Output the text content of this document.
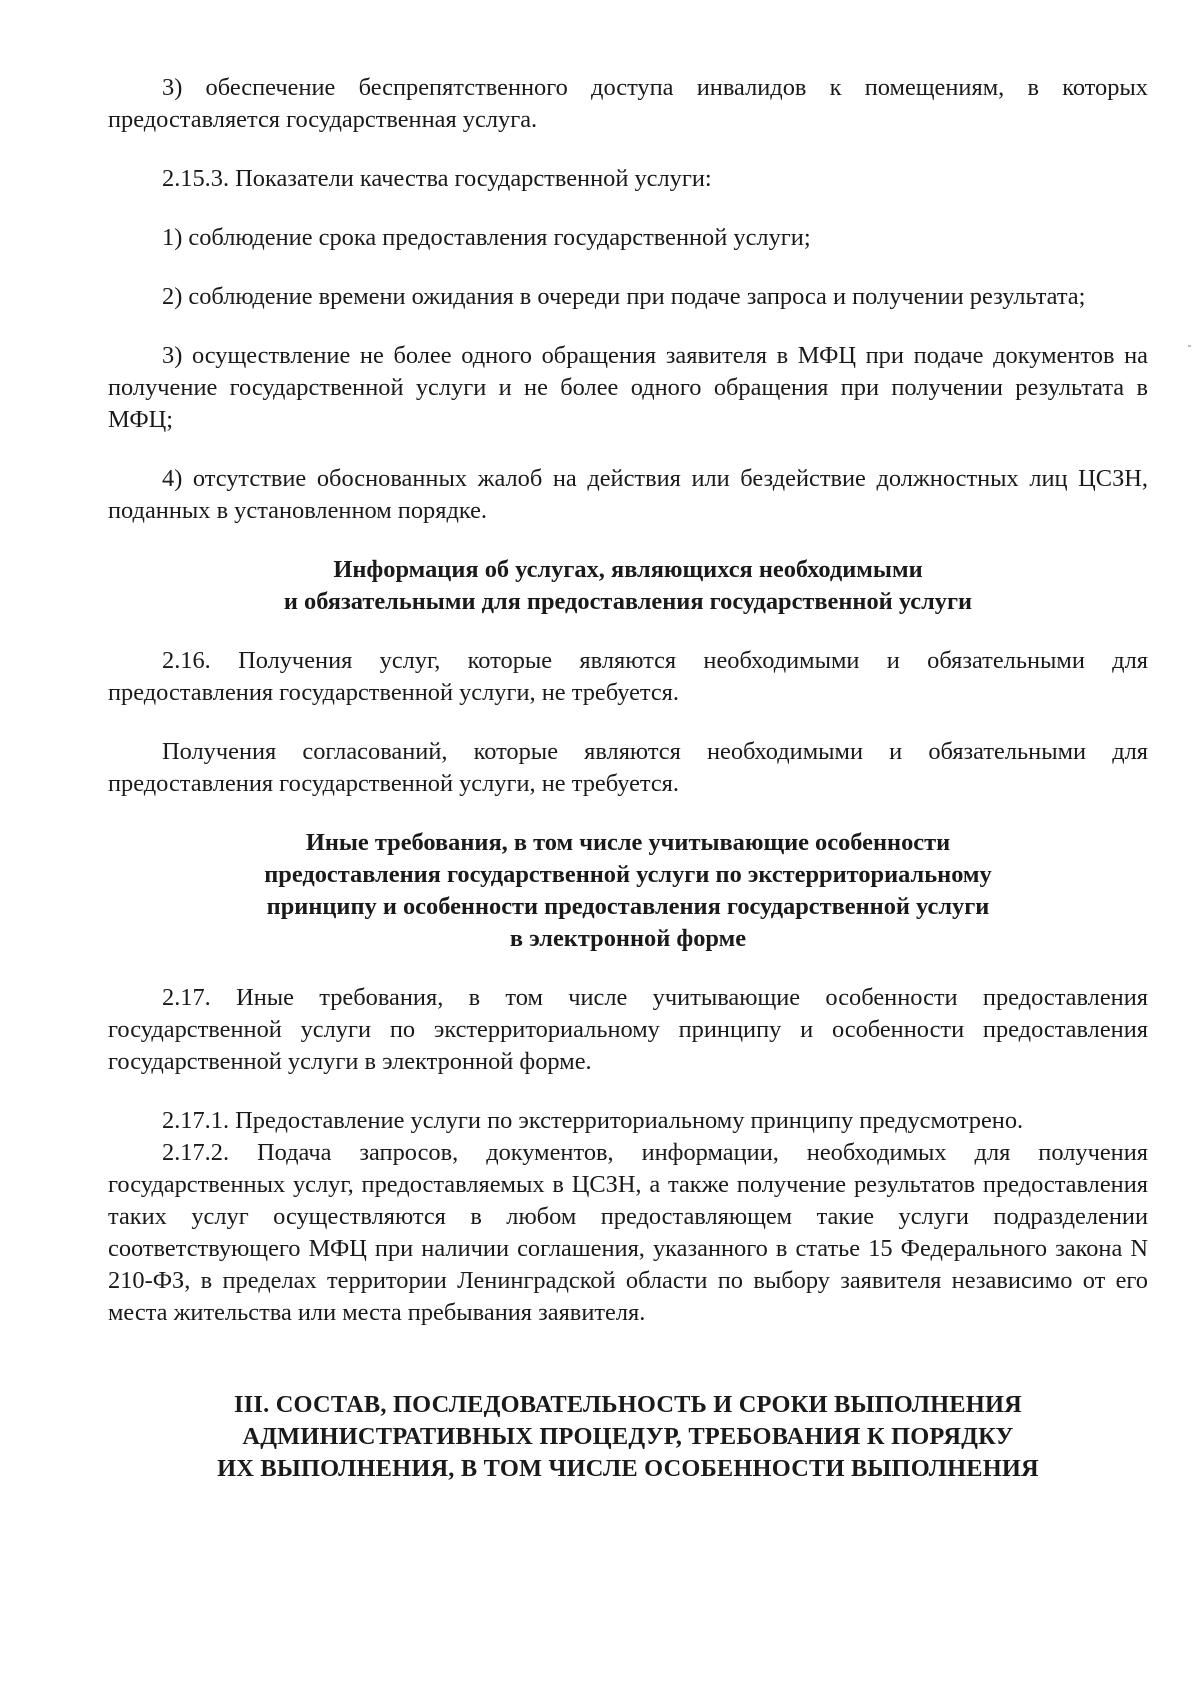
3) обеспечение беспрепятственного доступа инвалидов к помещениям, в которых предоставляется государственная услуга.

2.15.3. Показатели качества государственной услуги:

1) соблюдение срока предоставления государственной услуги;

2) соблюдение времени ожидания в очереди при подаче запроса и получении результата;

3) осуществление не более одного обращения заявителя в МФЦ при подаче документов на получение государственной услуги и не более одного обращения при получении результата в МФЦ;

4) отсутствие обоснованных жалоб на действия или бездействие должностных лиц ЦСЗН, поданных в установленном порядке.

Информация об услугах, являющихся необходимыми
и обязательными для предоставления государственной услуги

2.16. Получения услуг, которые являются необходимыми и обязательными для предоставления государственной услуги, не требуется.

Получения согласований, которые являются необходимыми и обязательными для предоставления государственной услуги, не требуется.

Иные требования, в том числе учитывающие особенности
предоставления государственной услуги по экстерриториальному
принципу и особенности предоставления государственной услуги
в электронной форме

2.17. Иные требования, в том числе учитывающие особенности предоставления государственной услуги по экстерриториальному принципу и особенности предоставления государственной услуги в электронной форме.

2.17.1. Предоставление услуги по экстерриториальному принципу предусмотрено.

2.17.2. Подача запросов, документов, информации, необходимых для получения государственных услуг, предоставляемых в ЦСЗН, а также получение результатов предоставления таких услуг осуществляются в любом предоставляющем такие услуги подразделении соответствующего МФЦ при наличии соглашения, указанного в статье 15 Федерального закона N 210-ФЗ, в пределах территории Ленинградской области по выбору заявителя независимо от его места жительства или места пребывания заявителя.

III. СОСТАВ, ПОСЛЕДОВАТЕЛЬНОСТЬ И СРОКИ ВЫПОЛНЕНИЯ
АДМИНИСТРАТИВНЫХ ПРОЦЕДУР, ТРЕБОВАНИЯ К ПОРЯДКУ
ИХ ВЫПОЛНЕНИЯ, В ТОМ ЧИСЛЕ ОСОБЕННОСТИ ВЫПОЛНЕНИЯ
